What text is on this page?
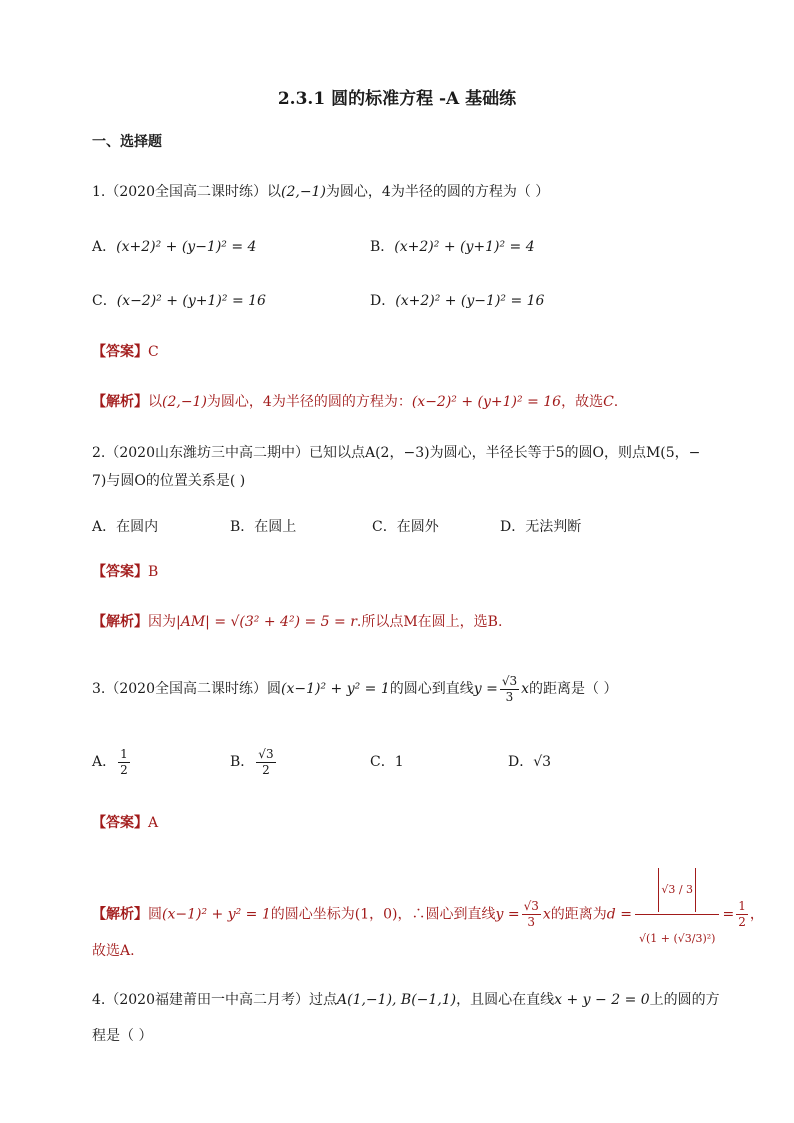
2.3.1 圆的标准方程 -A 基础练
一、选择题
1.（2020全国高二课时练）以(2,−1)为圆心，4为半径的圆的方程为（ ）
A．(x+2)² + (y−1)² = 4	B．(x+2)² + (y+1)² = 4
C．(x−2)² + (y+1)² = 16	D．(x+2)² + (y−1)² = 16
【答案】C
【解析】以(2,−1)为圆心，4为半径的圆的方程为：(x−2)² + (y+1)² = 16，故选C.
2.（2020山东潍坊三中高二期中）已知以点A(2，−3)为圆心，半径长等于5的圆O，则点M(5，−
7)与圆O的位置关系是( )
A．在圆内	B．在圆上	C．在圆外	D．无法判断
【答案】B
【解析】因为|AM| = √(3² + 4²) = 5 = r.所以点M在圆上，选B.
3.（2020全国高二课时练）圆(x−1)² + y² = 1的圆心到直线$y = \frac{√3}{3}$ x的距离是（ ）
A． $\frac{1}{2}$	B． $\frac{√3}{2}$	C．1	D．√3
【答案】A
【解析】圆(x−1)² + y² = 1的圆心坐标为(1，0)，∴圆心到直线$y = \frac{√3}{3}$ x的距离为$d = \frac{√3 / 3}{\text{√(1 + (√3/3)²)}} = \frac{1}{2}$ ，
故选A.
4.（2020福建莆田一中高二月考）过点A(1,−1), B(−1,1)，且圆心在直线x + y − 2 = 0上的圆的方
程是（ ）
